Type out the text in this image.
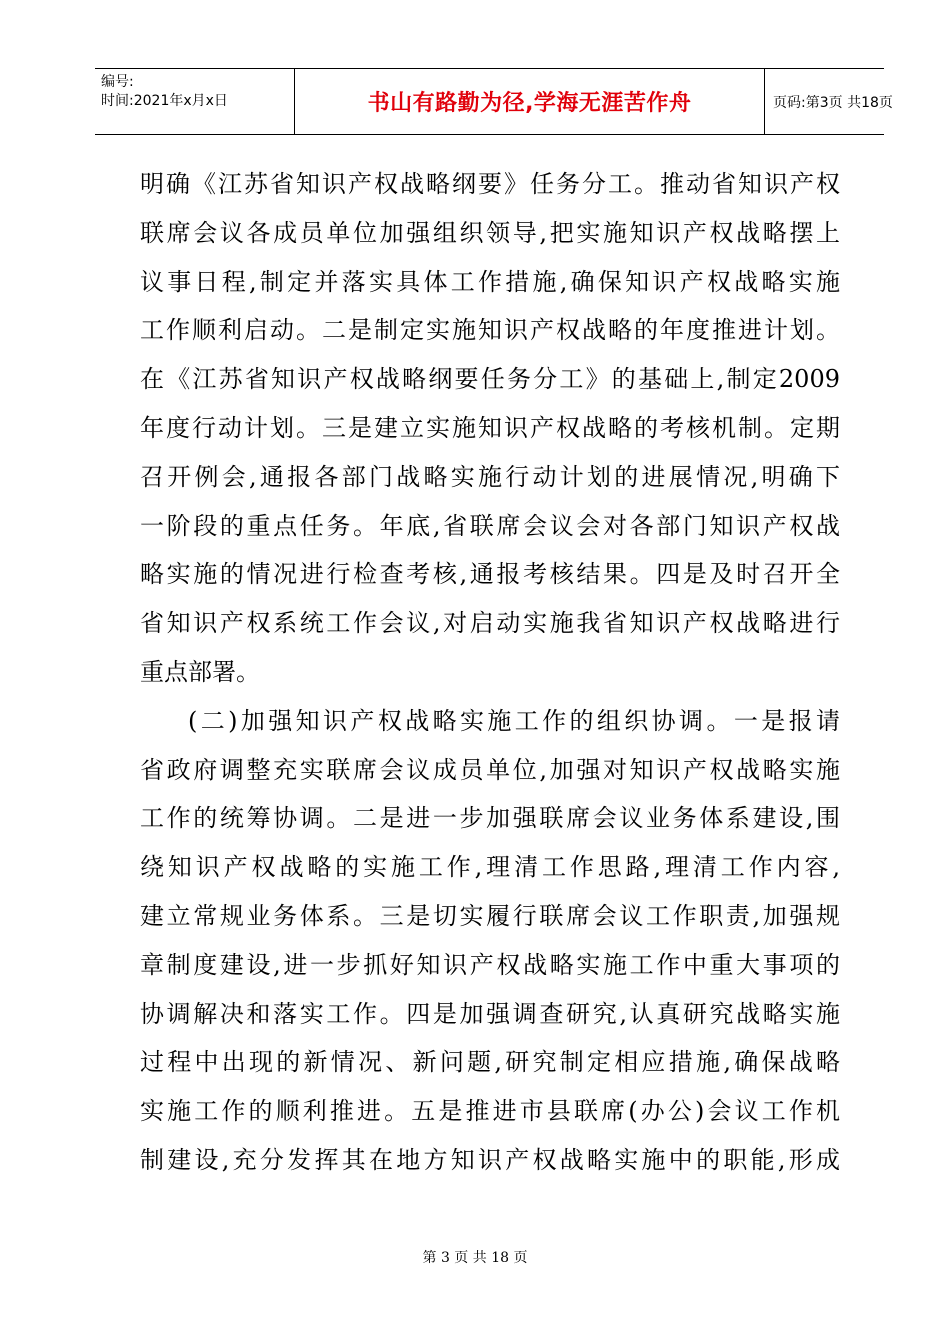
编号:
时间:2021年x月x日	书山有路勤为径,学海无涯苦作舟	页码:第3页 共18页
明确《江苏省知识产权战略纲要》任务分工。推动省知识产权
联席会议各成员单位加强组织领导,把实施知识产权战略摆上
议事日程,制定并落实具体工作措施,确保知识产权战略实施
工作顺利启动。二是制定实施知识产权战略的年度推进计划。
在《江苏省知识产权战略纲要任务分工》的基础上,制定2009
年度行动计划。三是建立实施知识产权战略的考核机制。定期
召开例会,通报各部门战略实施行动计划的进展情况,明确下
一阶段的重点任务。年底,省联席会议会对各部门知识产权战
略实施的情况进行检查考核,通报考核结果。四是及时召开全
省知识产权系统工作会议,对启动实施我省知识产权战略进行
重点部署。
(二)加强知识产权战略实施工作的组织协调。一是报请
省政府调整充实联席会议成员单位,加强对知识产权战略实施
工作的统筹协调。二是进一步加强联席会议业务体系建设,围
绕知识产权战略的实施工作,理清工作思路,理清工作内容,
建立常规业务体系。三是切实履行联席会议工作职责,加强规
章制度建设,进一步抓好知识产权战略实施工作中重大事项的
协调解决和落实工作。四是加强调查研究,认真研究战略实施
过程中出现的新情况、新问题,研究制定相应措施,确保战略
实施工作的顺利推进。五是推进市县联席(办公)会议工作机
制建设,充分发挥其在地方知识产权战略实施中的职能,形成
第 3 页 共 18 页
